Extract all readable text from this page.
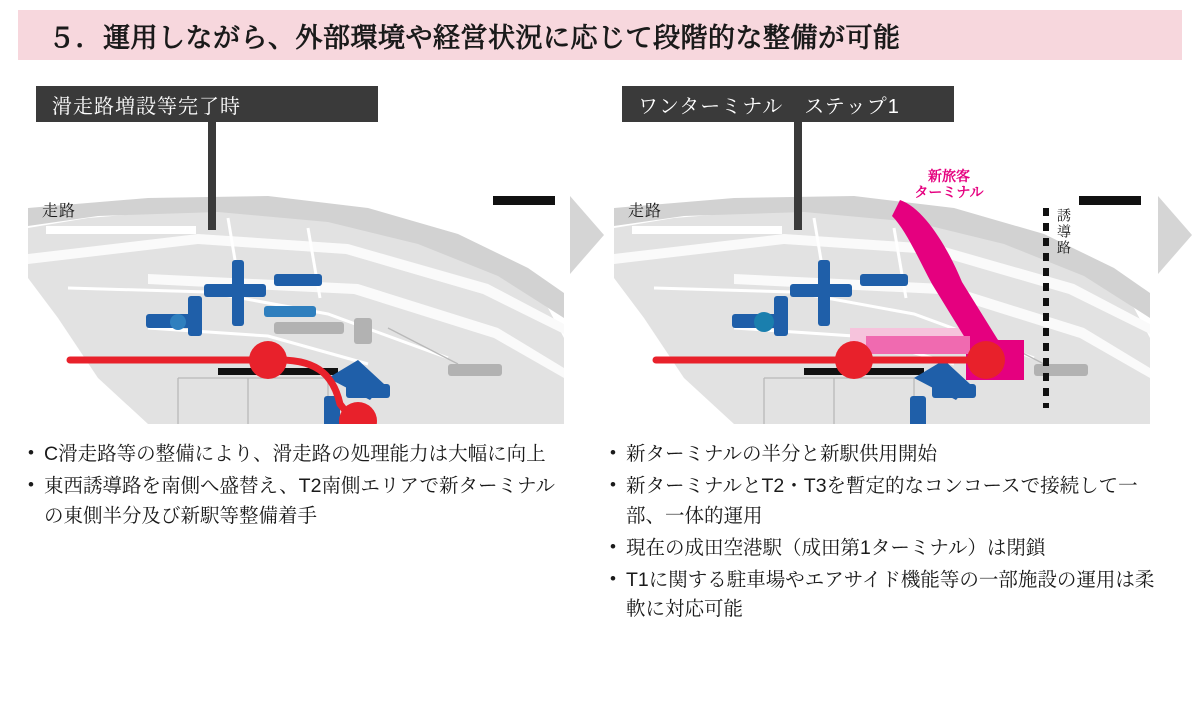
５．運用しながら、外部環境や経営状況に応じて段階的な整備が可能
滑走路増設等完了時
走路
ワンターミナル　ステップ1
走路
新旅客
ターミナル
誘導路
• C滑走路等の整備により、滑走路の処理能力は大幅に向上
• 東西誘導路を南側へ盛替え、T2南側エリアで新ターミナルの東側半分及び新駅等整備着手
• 新ターミナルの半分と新駅供用開始
• 新ターミナルとT2・T3を暫定的なコンコースで接続して一部、一体的運用
• 現在の成田空港駅（成田第1ターミナル）は閉鎖
• T1に関する駐車場やエアサイド機能等の一部施設の運用は柔軟に対応可能
